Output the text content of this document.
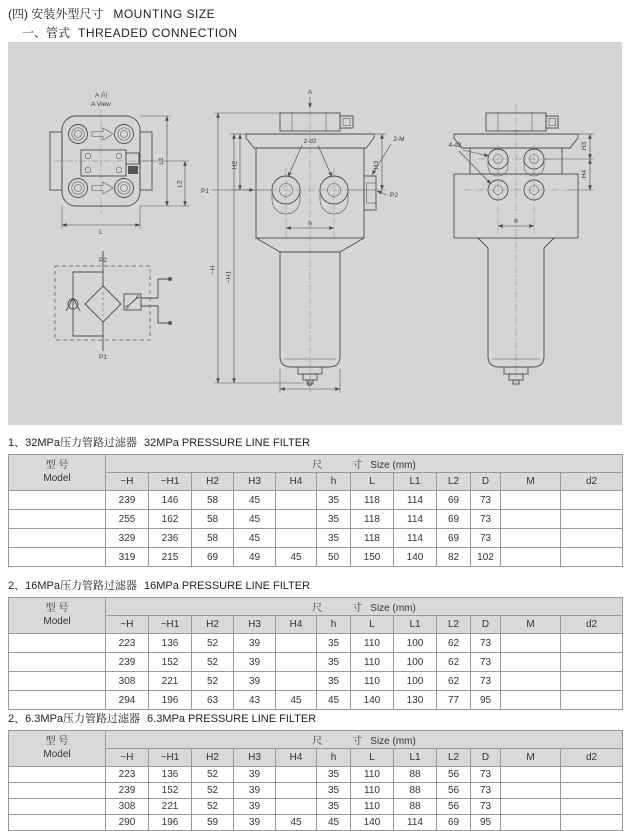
(四) 安装外型尺寸 MOUNTING SIZE
一、管式 THREADED CONNECTION
A 向
A View
L1
L2
L
A
h
2-d2	2-M
P1
P2
H2	H3
D
~H
~H1
h
4-d2	H3
H4
P2
P1
1、32MPa压力管路过滤器 32MPa PRESSURE LINE FILTER
型 号
Model	尺 寸 Size (mm)											
	~H	~H1	H2	H3	H4	h	L	L1	L2	D	M	d2
	239	146	58	45		35	118	114	69	73		
	255	162	58	45		35	118	114	69	73		
	329	236	58	45		35	118	114	69	73		
	319	215	69	49	45	50	150	140	82	102		
2、16MPa压力管路过滤器 16MPa PRESSURE LINE FILTER
型 号
Model	尺 寸 Size (mm)											
	~H	~H1	H2	H3	H4	h	L	L1	L2	D	M	d2
	223	136	52	39		35	110	100	62	73		
	239	152	52	39		35	110	100	62	73		
	308	221	52	39		35	110	100	62	73		
	294	196	63	43	45	45	140	130	77	95		
2、6.3MPa压力管路过滤器 6.3MPa PRESSURE LINE FILTER
型 号
Model	尺 寸 Size (mm)											
	~H	~H1	H2	H3	H4	h	L	L1	L2	D	M	d2
	223	136	52	39		35	110	88	56	73		
	239	152	52	39		35	110	88	56	73		
	308	221	52	39		35	110	88	56	73		
	290	196	59	39	45	45	140	114	69	95		
